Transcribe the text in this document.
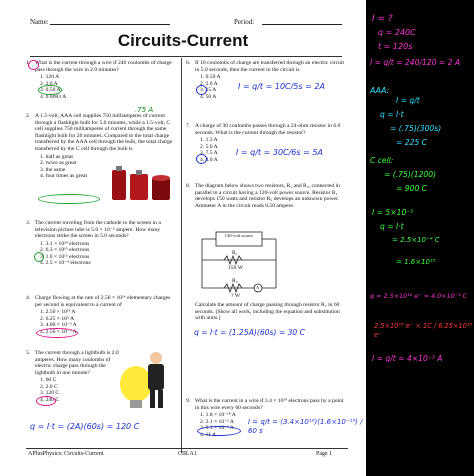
Name:	Period:
Circuits-Current
1. What is the current through a wire if 240 coulombs of charge pass through the wire in 2.0 minutes?
1. 120 A
2. 2.0 A
3. 0.50 A
4. 0.0083 A
2. A 1.5-volt, AAA cell supplies 750 milliamperes of current through a flashlight bulb for 5.0 minutes, while a 1.5-volt, C cell supplies 750 milliamperes of current through the same flashlight bulb for 20 minutes. Compared to the total charge transferred by the AAA cell through the bulb, the total charge transferred by the C cell through the bulb is
1. half as great
2. twice as great
3. the same
4. four times as great
.75 A
3. The current traveling from the cathode to the screen in a television picture tube is 5.0 × 10⁻⁵ ampere. How many electrons strike the screen in 5.0 seconds?
1. 3.1 × 10²⁴ electrons
2. 6.3 × 10¹⁵ electrons
3. 1.6 × 10¹⁵ electrons
4. 2.5 × 10⁻⁴ electrons
4. Charge flowing at the rate of 2.50 × 10¹⁶ elementary charges per second is equivalent to a current of
1. 2.50 × 10¹³ A
2. 6.25 × 10⁵ A
3. 4.00 × 10⁻³ A
4. 2.50 × 10⁻³ A
5. The current through a lightbulb is 2.0 amperes. How many coulombs of electric charge pass through the lightbulb in one minute?
1. 60 C
2. 2.0 C
3. 120 C
4. 240 C
q = I·t = (2A)(60s) = 120 C
6. If 10 coulombs of charge are transferred through an electric circuit in 5.0 seconds, then the current in the circuit is
1. 0.50 A
2. 2.0 A
3. 15 A
4. 50 A
I = q/t = 10C/5s = 2A
7. A charge of 30 coulombs passes through a 24-ohm resistor in 6.0 seconds. What is the current through the resistor?
1. 1.3 A
2. 5.0 A
3. 7.5 A
4. 4.0 A
I = q/t = 30C/6s = 5A
8. The diagram below shows two resistors, R₁ and R₂, connected in parallel in a circuit having a 120-volt power source. Resistor R₁ develops 150 watts and resistor R₂ develops an unknown power. Ammeter A in the circuit reads 0.50 ampere.
120-volt source
R₁
150 W
R₂
? W
A
Calculate the amount of charge passing through resistor R₁ in 60 seconds. [Show all work, including the equation and substitution with units.]
q = I·t = (1.25A)(60s) = 30 C
9. What is the current in a wire if 3.4 × 10¹⁹ electrons pass by a point in this wire every 60 seconds?
1. 1.8 × 10⁻¹⁸ A
2. 3.1 × 10⁻² A
3. 9.1 × 10⁻² A
4. 11 A
I = q/t = (3.4×10¹⁹)(1.6×10⁻¹⁹) / 60 s
APlusPhysics: Circuits-Current	CIR.A1	Page 1
I = ?
q = 240C
t = 120s
I = q/t = 240/120 = 2 A
AAA:
I = q/t
q = I·t
= (.75)(300s)
= 225 C
C cell:
= (.75)(1200)
= 900 C
I = 5×10⁻⁵
q = I·t
= 2.5×10⁻⁴ C
= 1.6×10¹⁵
q = 2.5×10¹⁶ e⁻ = 4.0×10⁻³ C
2.5×10¹⁶ e⁻ × 1C / 6.25×10¹⁸ e⁻
I = q/t = 4×10⁻³ A
